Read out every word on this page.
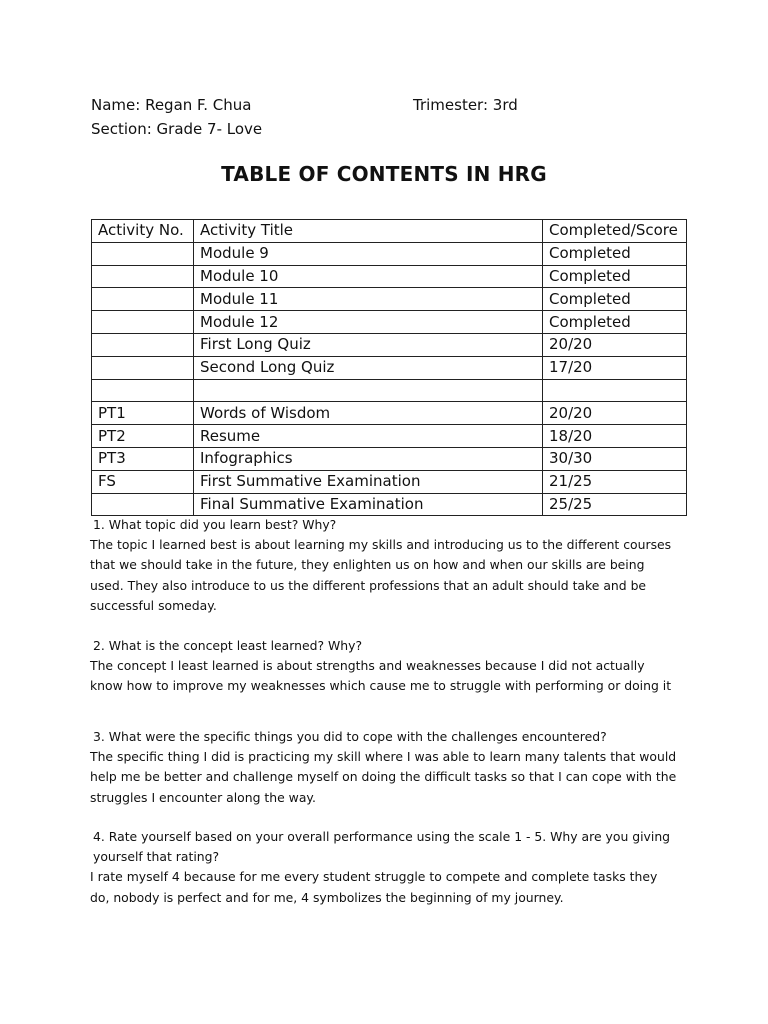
Name: Regan F. Chua	Trimester: 3rd
Section: Grade 7- Love
TABLE OF CONTENTS IN HRG
Activity No.	Activity Title	Completed/Score
	Module 9	Completed
	Module 10	Completed
	Module 11	Completed
	Module 12	Completed
	First Long Quiz	20/20
	Second Long Quiz	17/20

PT1	Words of Wisdom	20/20
PT2	Resume	18/20
PT3	Infographics	30/30
FS	First Summative Examination	21/25
	Final Summative Examination	25/25

1. What topic did you learn best? Why?

The topic I learned best is about learning my skills and introducing us to the different courses that we should take in the future, they enlighten us on how and when our skills are being used. They also introduce to us the different professions that an adult should take and be successful someday.

2. What is the concept least learned? Why?

The concept I least learned is about strengths and weaknesses because I did not actually know how to improve my weaknesses which cause me to struggle with performing or doing it

3. What were the specific things you did to cope with the challenges encountered?

The specific thing I did is practicing my skill where I was able to learn many talents that would help me be better and challenge myself on doing the difficult tasks so that I can cope with the struggles I encounter along the way.

4. Rate yourself based on your overall performance using the scale 1 - 5. Why are you giving yourself that rating?

I rate myself 4 because for me every student struggle to compete and complete tasks they do, nobody is perfect and for me, 4 symbolizes the beginning of my journey.
